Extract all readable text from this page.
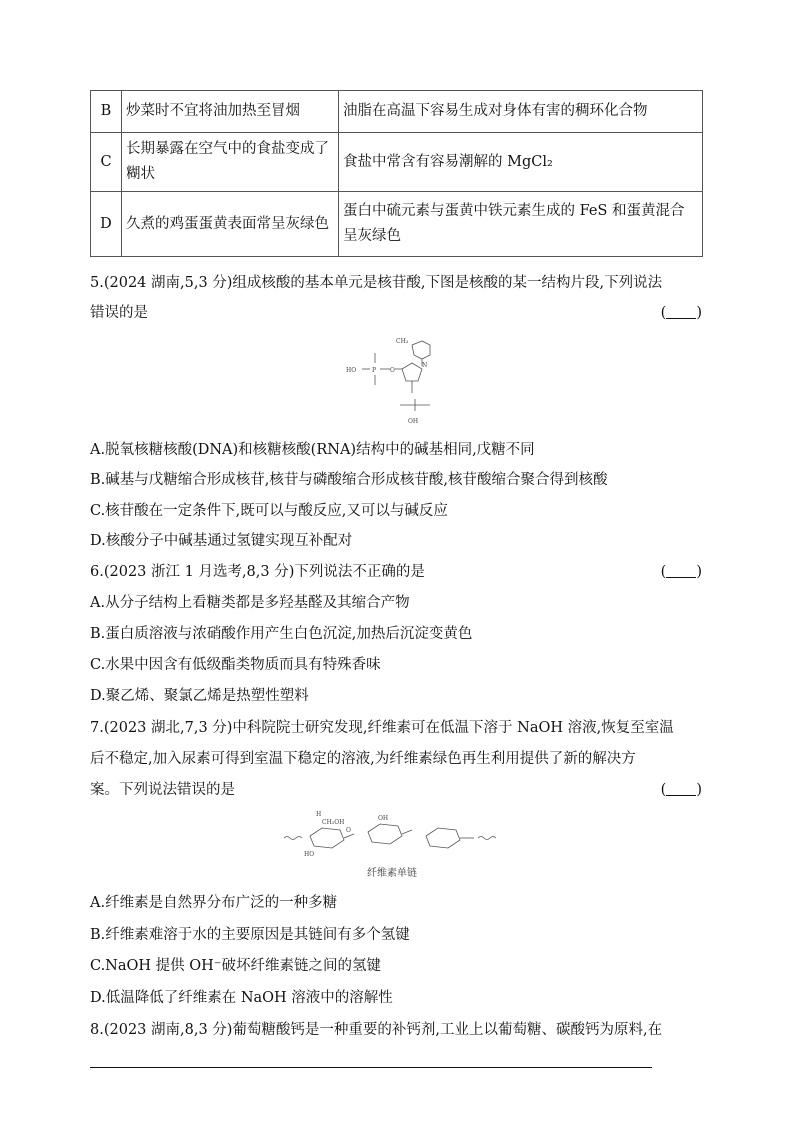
B	炒菜时不宜将油加热至冒烟	油脂在高温下容易生成对身体有害的稠环化合物
C	长期暴露在空气中的食盐变成了糊状	食盐中常含有容易潮解的 MgCl₂
D	久煮的鸡蛋蛋黄表面常呈灰绿色	蛋白中硫元素与蛋黄中铁元素生成的 FeS 和蛋黄混合呈灰绿色
5.(2024 湖南,5,3 分)组成核酸的基本单元是核苷酸,下图是核酸的某一结构片段,下列说法
错误的是	( )
HO	P O
N
CH₃
OH
A.脱氧核糖核酸(DNA)和核糖核酸(RNA)结构中的碱基相同,戊糖不同
B.碱基与戊糖缩合形成核苷,核苷与磷酸缩合形成核苷酸,核苷酸缩合聚合得到核酸
C.核苷酸在一定条件下,既可以与酸反应,又可以与碱反应
D.核酸分子中碱基通过氢键实现互补配对
6.(2023 浙江 1 月选考,8,3 分)下列说法不正确的是	( )
A.从分子结构上看糖类都是多羟基醛及其缩合产物
B.蛋白质溶液与浓硝酸作用产生白色沉淀,加热后沉淀变黄色
C.水果中因含有低级酯类物质而具有特殊香味
D.聚乙烯、聚氯乙烯是热塑性塑料
7.(2023 湖北,7,3 分)中科院院士研究发现,纤维素可在低温下溶于 NaOH 溶液,恢复至室温
后不稳定,加入尿素可得到室温下稳定的溶液,为纤维素绿色再生利用提供了新的解决方
案。下列说法错误的是	( )
H
CH₂OH
O
OH
HO
纤维素单链
A.纤维素是自然界分布广泛的一种多糖
B.纤维素难溶于水的主要原因是其链间有多个氢键
C.NaOH 提供 OH⁻破坏纤维素链之间的氢键
D.低温降低了纤维素在 NaOH 溶液中的溶解性
8.(2023 湖南,8,3 分)葡萄糖酸钙是一种重要的补钙剂,工业上以葡萄糖、碳酸钙为原料,在
